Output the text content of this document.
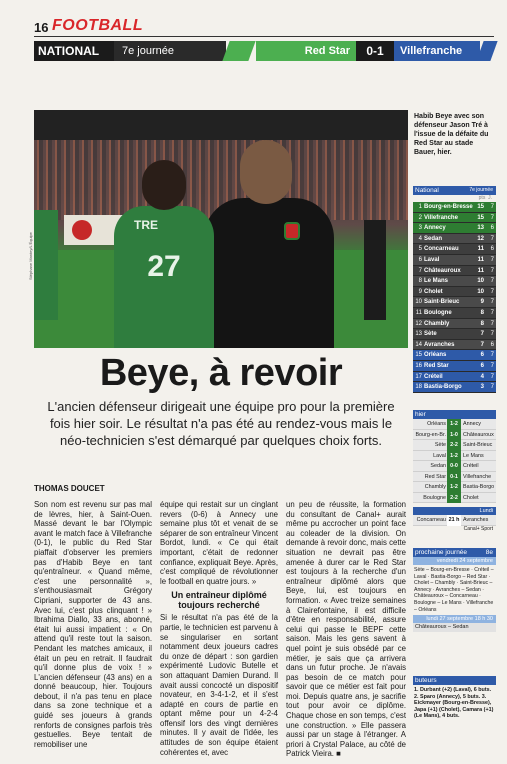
16 FOOTBALL
NATIONAL	7e journée	Red Star	0-1	Villefranche
TRE
27
Stéphane Mantey/L'Équipe
Habib Beye avec son défenseur Jason Tré à l'issue de la défaite du Red Star au stade Bauer, hier.
National	7e journée
pts J.
1 Bourg-en-Bresse 15	7
2 Villefranche	15	7
3 Annecy	13	6
4 Sedan	12	7
5 Concarneau	11	6
6 Laval	11	7
7 Châteauroux	11	7
8 Le Mans	10	7
9 Cholet	10	7
10 Saint-Brieuc	9	7
11 Boulogne	8	7
12 Chambly	8	7
13 Sète	7	7
14 Avranches	7	6
15 Orléans	6	7
16 Red Star	6	7
17 Créteil	4	7
18 Bastia-Borgo	3	7
hier
Orléans 1-2 Annecy
Bourg-en-Br. 1-0 Châteauroux
Sète 2-2 Saint-Brieuc
Laval 1-2 Le Mans
Sedan 0-0 Créteil
Red Star 0-1 Villefranche
Chambly 1-2 Bastia-Borgo
Boulogne 2-2 Cholet
Lundi
Concarneau 21 h Avranches
Canal+ Sport
prochaine journée	8e
vendredi 24 septembre
Sète – Bourg-en-Bresse · Créteil – Laval · Bastia-Borgo – Red Star · Cholet – Chambly · Saint-Brieuc – Annecy · Avranches – Sedan · Châteauroux – Concarneau · Boulogne – Le Mans · Villefranche – Orléans
lundi 27 septembre 18 h 30
Châteauroux – Sedan
buteurs
1. Durbant (+2) (Laval), 6 buts. 2. Sparo (Annecy), 5 buts. 3. Eickmayer (Bourg-en-Bresse), Japa (+1) (Cholet), Camara (+1) (Le Mans), 4 buts.
Beye, à revoir
L'ancien défenseur dirigeait une équipe pro pour la première fois hier soir. Le résultat n'a pas été au rendez-vous mais le néo-technicien s'est démarqué par quelques choix forts.
THOMAS DOUCET

Son nom est revenu sur pas mal de lèvres, hier, à Saint-Ouen. Massé devant le bar l'Olympic avant le match face à Villefranche (0-1), le public du Red Star piaffait d'observer les premiers pas d'Habib Beye en tant qu'entraîneur. « Quand même, c'est une personnalité », s'enthousiasmait Grégory Cipriani, supporter de 43 ans. Avec lui, c'est plus clinquant ! » Ibrahima Diallo, 33 ans, abonné, était lui aussi impatient : « On attend qu'il reste tout la saison. Pendant les matches amicaux, il était un peu en retrait. Il faudrait qu'il donne plus de voix ! » L'ancien défenseur (43 ans) en a donné beaucoup, hier. Toujours debout, il n'a pas tenu en place dans sa zone technique et a guidé ses joueurs à grands renforts de consignes parfois très gestuelles. Beye tentait de remobiliser une

équipe qui restait sur un cinglant revers (0-6) à Annecy une semaine plus tôt et venait de se séparer de son entraîneur Vincent Bordot, lundi. « Ce qui était important, c'était de redonner confiance, expliquait Beye. Après, c'est compliqué de révolutionner le football en quatre jours. »

Un entraîneur diplômé toujours recherché

Si le résultat n'a pas été de la partie, le technicien est parvenu à se singulariser en sortant notamment deux joueurs cadres du onze de départ : son gardien expérimenté Ludovic Butelle et son attaquant Damien Durand. Il avait aussi concocté un dispositif novateur, en 3-4-1-2, et il s'est adapté en cours de partie en optant même pour un 4-2-4 offensif lors des vingt dernières minutes. Il y avait de l'idée, les attitudes de son équipe étaient cohérentes et, avec

un peu de réussite, la formation du consultant de Canal+ aurait même pu accrocher un point face au coleader de la division. On demande à revoir donc, mais cette situation ne devrait pas être amenée à durer car le Red Star est toujours à la recherche d'un entraîneur diplômé alors que Beye, lui, est toujours en formation. « Avec treize semaines à Clairefontaine, il est difficile d'être en responsabilité, assure celui qui passe le BEPF cette saison. Mais les gens savent à quel point je suis obsédé par ce métier, je sais que ça arrivera dans un futur proche. Je n'avais pas besoin de ce match pour savoir que ce métier est fait pour moi. Depuis quatre ans, je sacrifie tout pour avoir ce diplôme. Chaque chose en son temps, c'est une construction. » Elle passera aussi par un stage à l'étranger. A priori à Crystal Palace, au côté de Patrick Vieira. ■
